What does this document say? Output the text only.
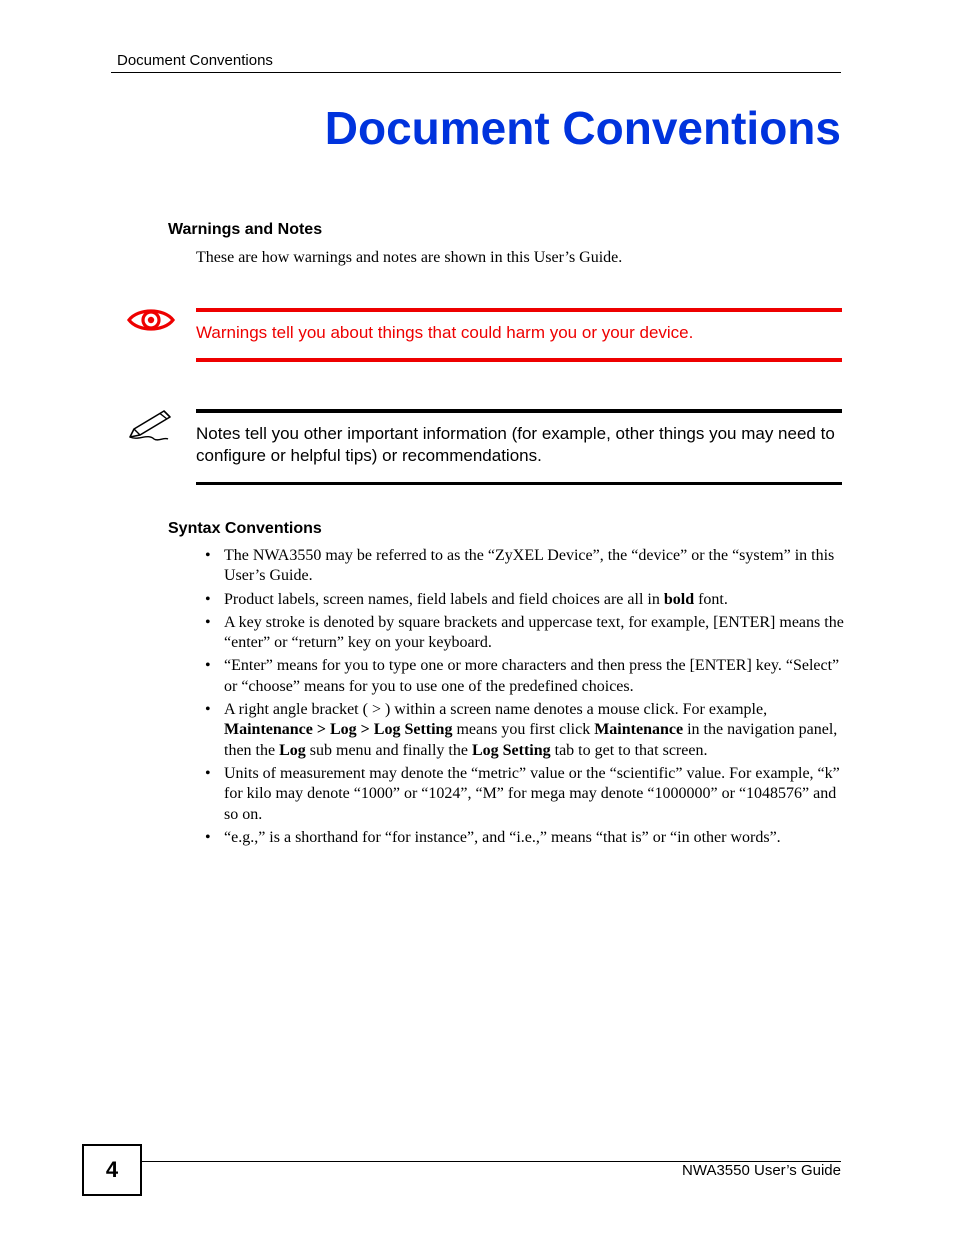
Document Conventions
Document Conventions
Warnings and Notes

These are how warnings and notes are shown in this User’s Guide.

Warnings tell you about things that could harm you or your device.
Notes tell you other important information (for example, other things you may need to configure or helpful tips) or recommendations.
Syntax Conventions
• The NWA3550 may be referred to as the “ZyXEL Device”, the “device” or the “system” in this User’s Guide.
• Product labels, screen names, field labels and field choices are all in bold font.
• A key stroke is denoted by square brackets and uppercase text, for example, [ENTER] means the “enter” or “return” key on your keyboard.
• “Enter” means for you to type one or more characters and then press the [ENTER] key. “Select” or “choose” means for you to use one of the predefined choices.
• A right angle bracket ( > ) within a screen name denotes a mouse click. For example, Maintenance > Log > Log Setting means you first click Maintenance in the navigation panel, then the Log sub menu and finally the Log Setting tab to get to that screen.
• Units of measurement may denote the “metric” value or the “scientific” value. For example, “k” for kilo may denote “1000” or “1024”, “M” for mega may denote “1000000” or “1048576” and so on.
• “e.g.,” is a shorthand for “for instance”, and “i.e.,” means “that is” or “in other words”.
4	NWA3550 User’s Guide
